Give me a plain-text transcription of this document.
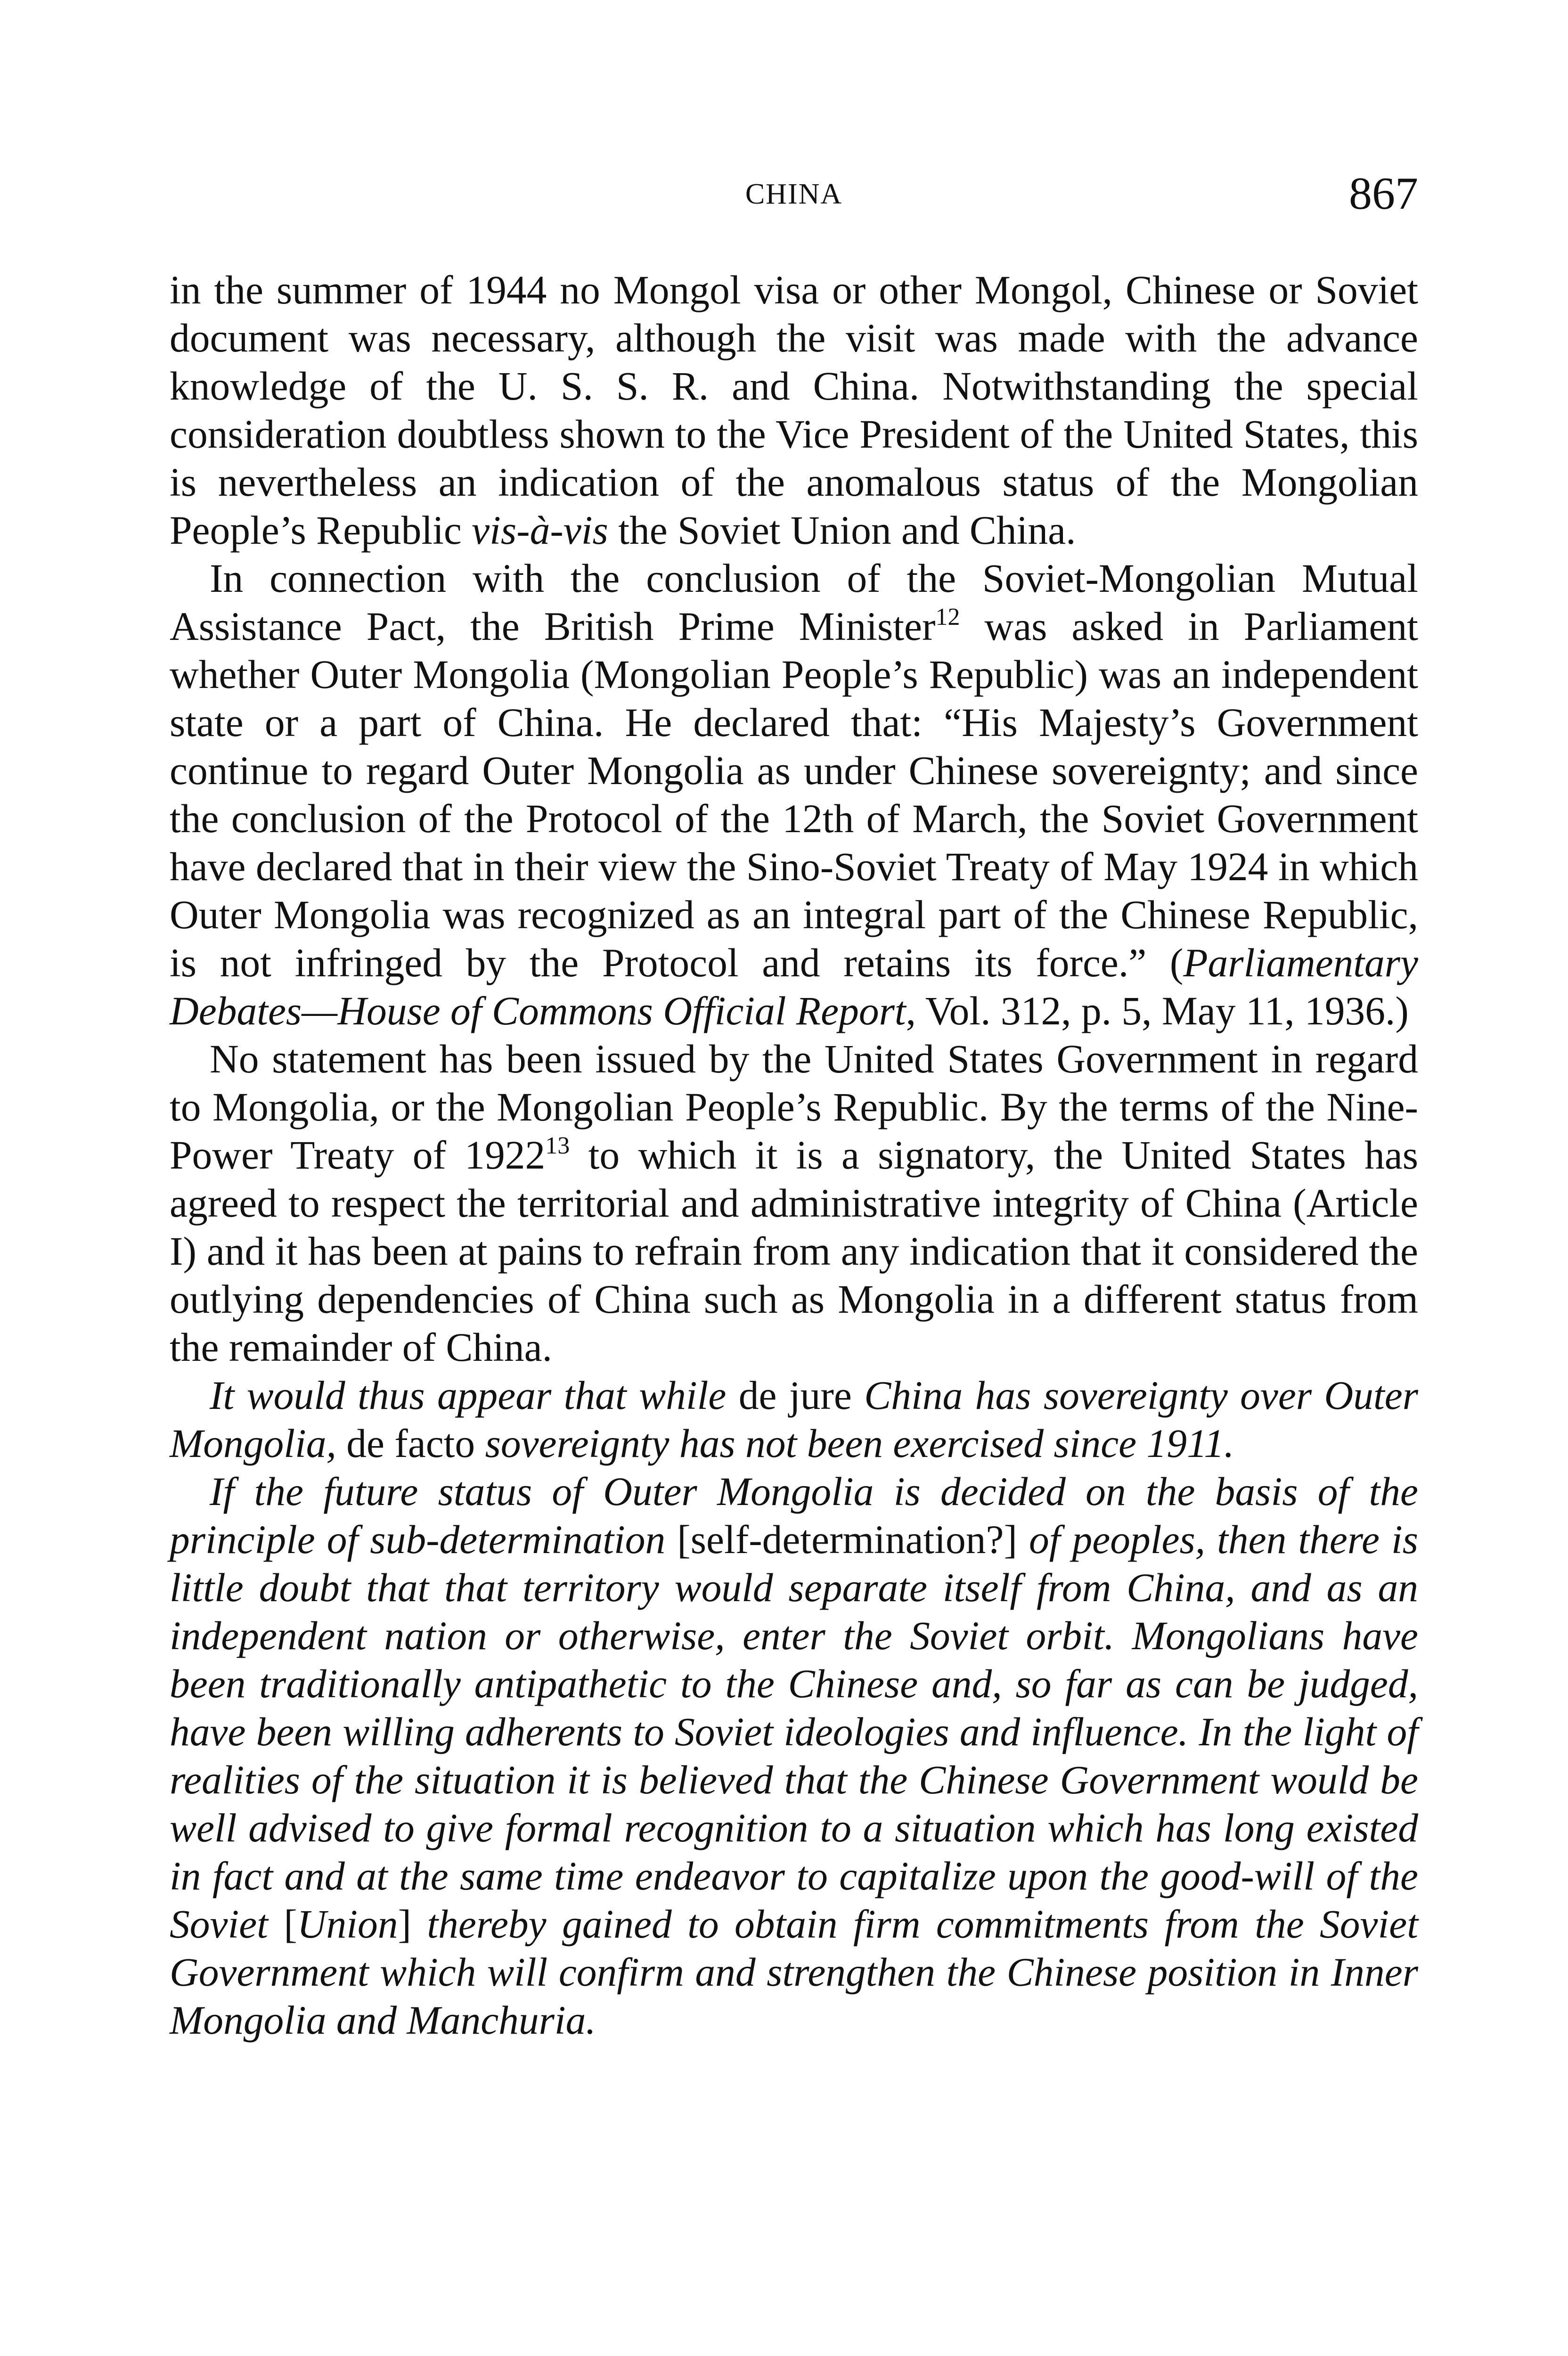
CHINA	867

in the summer of 1944 no Mongol visa or other Mongol, Chinese or Soviet document was necessary, although the visit was made with the advance knowledge of the U. S. S. R. and China. Notwithstanding the special consideration doubtless shown to the Vice President of the United States, this is nevertheless an indication of the anomalous status of the Mongolian People’s Republic vis-à-vis the Soviet Union and China.

In connection with the conclusion of the Soviet-Mongolian Mutual Assistance Pact, the British Prime Minister$^{12}$ was asked in Parliament whether Outer Mongolia (Mongolian People’s Republic) was an independent state or a part of China. He declared that: “His Majesty’s Government continue to regard Outer Mongolia as under Chinese sovereignty; and since the conclusion of the Protocol of the 12th of March, the Soviet Government have declared that in their view the Sino-Soviet Treaty of May 1924 in which Outer Mongolia was recognized as an integral part of the Chinese Republic, is not infringed by the Protocol and retains its force.” (Parliamentary Debates—House of Commons Official Report, Vol. 312, p. 5, May 11, 1936.)

No statement has been issued by the United States Government in regard to Mongolia, or the Mongolian People’s Republic. By the terms of the Nine-Power Treaty of 1922$^{13}$ to which it is a signatory, the United States has agreed to respect the territorial and administrative integrity of China (Article I) and it has been at pains to refrain from any indication that it considered the outlying dependencies of China such as Mongolia in a different status from the remainder of China.

It would thus appear that while de jure China has sovereignty over Outer Mongolia, de facto sovereignty has not been exercised since 1911.

If the future status of Outer Mongolia is decided on the basis of the principle of sub-determination [self-determination?] of peoples, then there is little doubt that that territory would separate itself from China, and as an independent nation or otherwise, enter the Soviet orbit. Mongolians have been traditionally antipathetic to the Chinese and, so far as can be judged, have been willing adherents to Soviet ideologies and influence. In the light of realities of the situation it is believed that the Chinese Government would be well advised to give formal recognition to a situation which has long existed in fact and at the same time endeavor to capitalize upon the good-will of the Soviet [Union] thereby gained to obtain firm commitments from the Soviet Government which will confirm and strengthen the Chinese position in Inner Mongolia and Manchuria.
